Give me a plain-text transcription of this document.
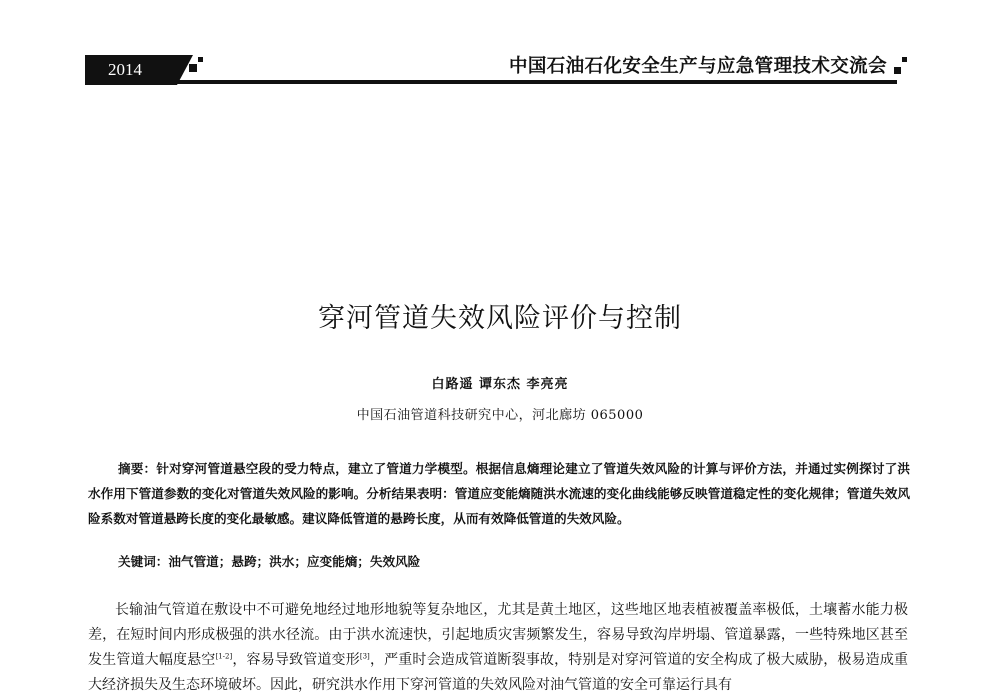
2014	中国石油石化安全生产与应急管理技术交流会
穿河管道失效风险评价与控制
白路遥 谭东杰 李亮亮
中国石油管道科技研究中心，河北廊坊 065000
摘要：针对穿河管道悬空段的受力特点，建立了管道力学模型。根据信息熵理论建立了管道失效风险的计算与评价方法，并通过实例探讨了洪水作用下管道参数的变化对管道失效风险的影响。分析结果表明：管道应变能熵随洪水流速的变化曲线能够反映管道稳定性的变化规律；管道失效风险系数对管道悬跨长度的变化最敏感。建议降低管道的悬跨长度，从而有效降低管道的失效风险。
关键词：油气管道；悬跨；洪水；应变能熵；失效风险
长输油气管道在敷设中不可避免地经过地形地貌等复杂地区，尤其是黄土地区，这些地区地表植被覆盖率极低，土壤蓄水能力极差，在短时间内形成极强的洪水径流。由于洪水流速快，引起地质灾害频繁发生，容易导致沟岸坍塌、管道暴露，一些特殊地区甚至发生管道大幅度悬空[1-2]，容易导致管道变形[3]，严重时会造成管道断裂事故，特别是对穿河管道的安全构成了极大威胁，极易造成重大经济损失及生态环境破坏。因此，研究洪水作用下穿河管道的失效风险对油气管道的安全可靠运行具有
